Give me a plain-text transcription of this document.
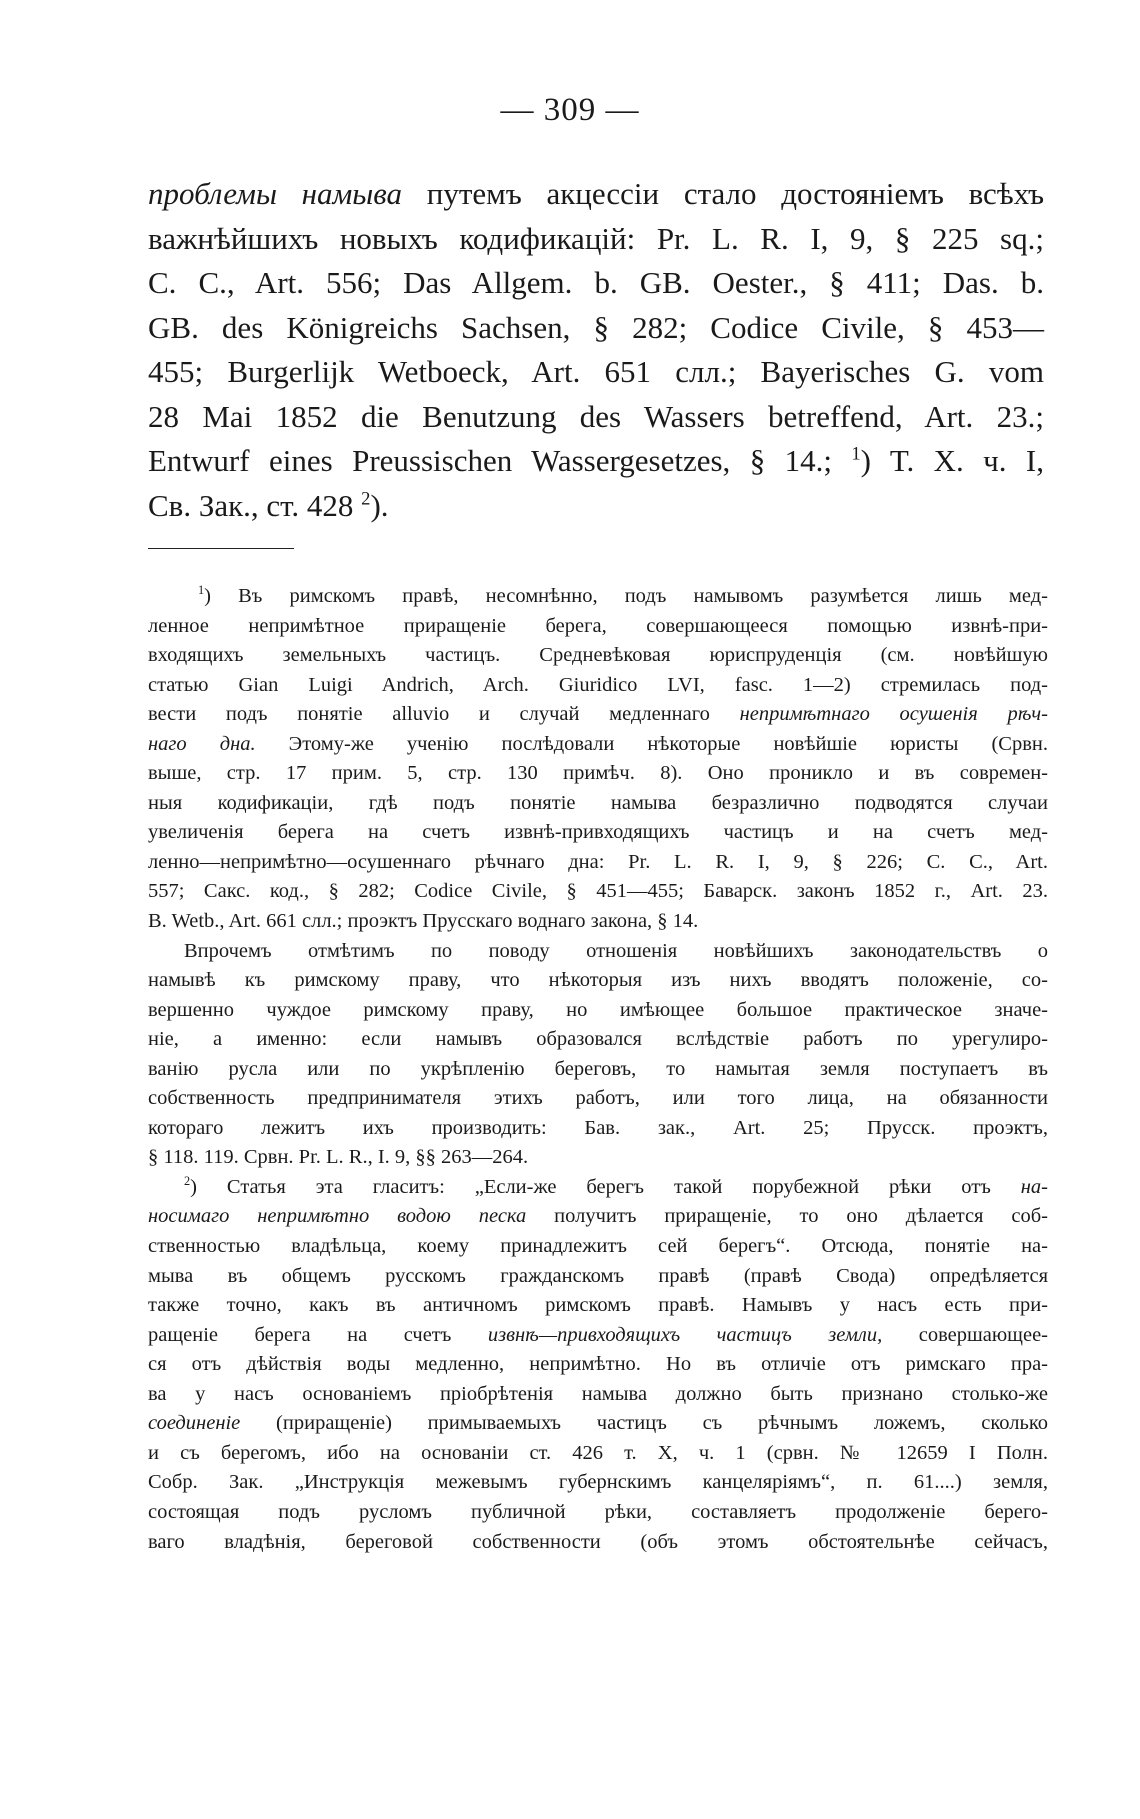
— 309 —
проблемы намыва путемъ акцессіи стало достояніемъ всѣхъ
важнѣйшихъ новыхъ кодификацій: Pr. L. R. I, 9, § 225 sq.;
C. C., Art. 556; Das Allgem. b. GB. Oester., § 411; Das. b.
GB. des Königreichs Sachsen, § 282; Codice Civile, § 453—
455; Burgerlijk Wetboeck, Art. 651 слл.; Bayerisches G. vom
28 Mai 1852 die Benutzung des Wassers betreffend, Art. 23.;
Entwurf eines Preussischen Wassergesetzes, § 14.; $^1$) T. X. ч. I,
Св. Зак., ст. 428 $^2$).
$^1$) Въ римскомъ правѣ, несомнѣнно, подъ намывомъ разумѣется лишь мед-
ленное непримѣтное приращеніе берега, совершающееся помощью извнѣ-при-
входящихъ земельныхъ частицъ. Средневѣковая юриспруденція (см. новѣйшую
статью Gian Luigi Andrich, Arch. Giuridico LVI, fasc. 1—2) стремилась под-
вести подъ понятіе alluvio и случай медленнаго непримѣтнаго осушенія рѣч-
наго дна. Этому-же ученію послѣдовали нѣкоторые новѣйшіе юристы (Срвн.
выше, стр. 17 прим. 5, стр. 130 примѣч. 8). Оно проникло и въ современ-
ныя кодификаціи, гдѣ подъ понятіе намыва безразлично подводятся случаи
увеличенія берега на счетъ извнѣ-привходящихъ частицъ и на счетъ мед-
ленно—непримѣтно—осушеннаго рѣчнаго дна: Pr. L. R. I, 9, § 226; C. C., Art.
557; Сакс. код., § 282; Codice Civile, § 451—455; Баварск. законъ 1852 г., Art. 23.
B. Wetb., Art. 661 слл.; проэктъ Прусскаго воднаго закона, § 14.
Впрочемъ отмѣтимъ по поводу отношенія новѣйшихъ законодательствъ о
намывѣ къ римскому праву, что нѣкоторыя изъ нихъ вводятъ положеніе, со-
вершенно чуждое римскому праву, но имѣющее большое практическое значе-
ніе, а именно: если намывъ образовался вслѣдствіе работъ по урегулиро-
ванію русла или по укрѣпленію береговъ, то намытая земля поступаетъ въ
собственность предпринимателя этихъ работъ, или того лица, на обязанности
котораго лежитъ ихъ производить: Бав. зак., Art. 25; Прусск. проэктъ,
§ 118. 119. Срвн. Pr. L. R., I. 9, §§ 263—264.
$^2$) Статья эта гласитъ: „Если-же берегъ такой порубежной рѣки отъ на-
носимаго непримѣтно водою песка получитъ приращеніе, то оно дѣлается соб-
ственностью владѣльца, коему принадлежитъ сей берегъ“. Отсюда, понятіе на-
мыва въ общемъ русскомъ гражданскомъ правѣ (правѣ Свода) опредѣляется
также точно, какъ въ античномъ римскомъ правѣ. Намывъ у насъ есть при-
ращеніе берега на счетъ извнѣ—привходящихъ частицъ земли, совершающее-
ся отъ дѣйствія воды медленно, непримѣтно. Но въ отличіе отъ римскаго пра-
ва у насъ основаніемъ пріобрѣтенія намыва должно быть признано столько-же
соединеніе (приращеніе) примываемыхъ частицъ съ рѣчнымъ ложемъ, сколько
и съ берегомъ, ибо на основаніи ст. 426 т. X, ч. 1 (срвн. № 12659 I Полн.
Собр. Зак. „Инструкція межевымъ губернскимъ канцеляріямъ“, п. 61....) земля,
состоящая подъ русломъ публичной рѣки, составляетъ продолженіе берего-
ваго владѣнія, береговой собственности (объ этомъ обстоятельнѣе сейчасъ,
